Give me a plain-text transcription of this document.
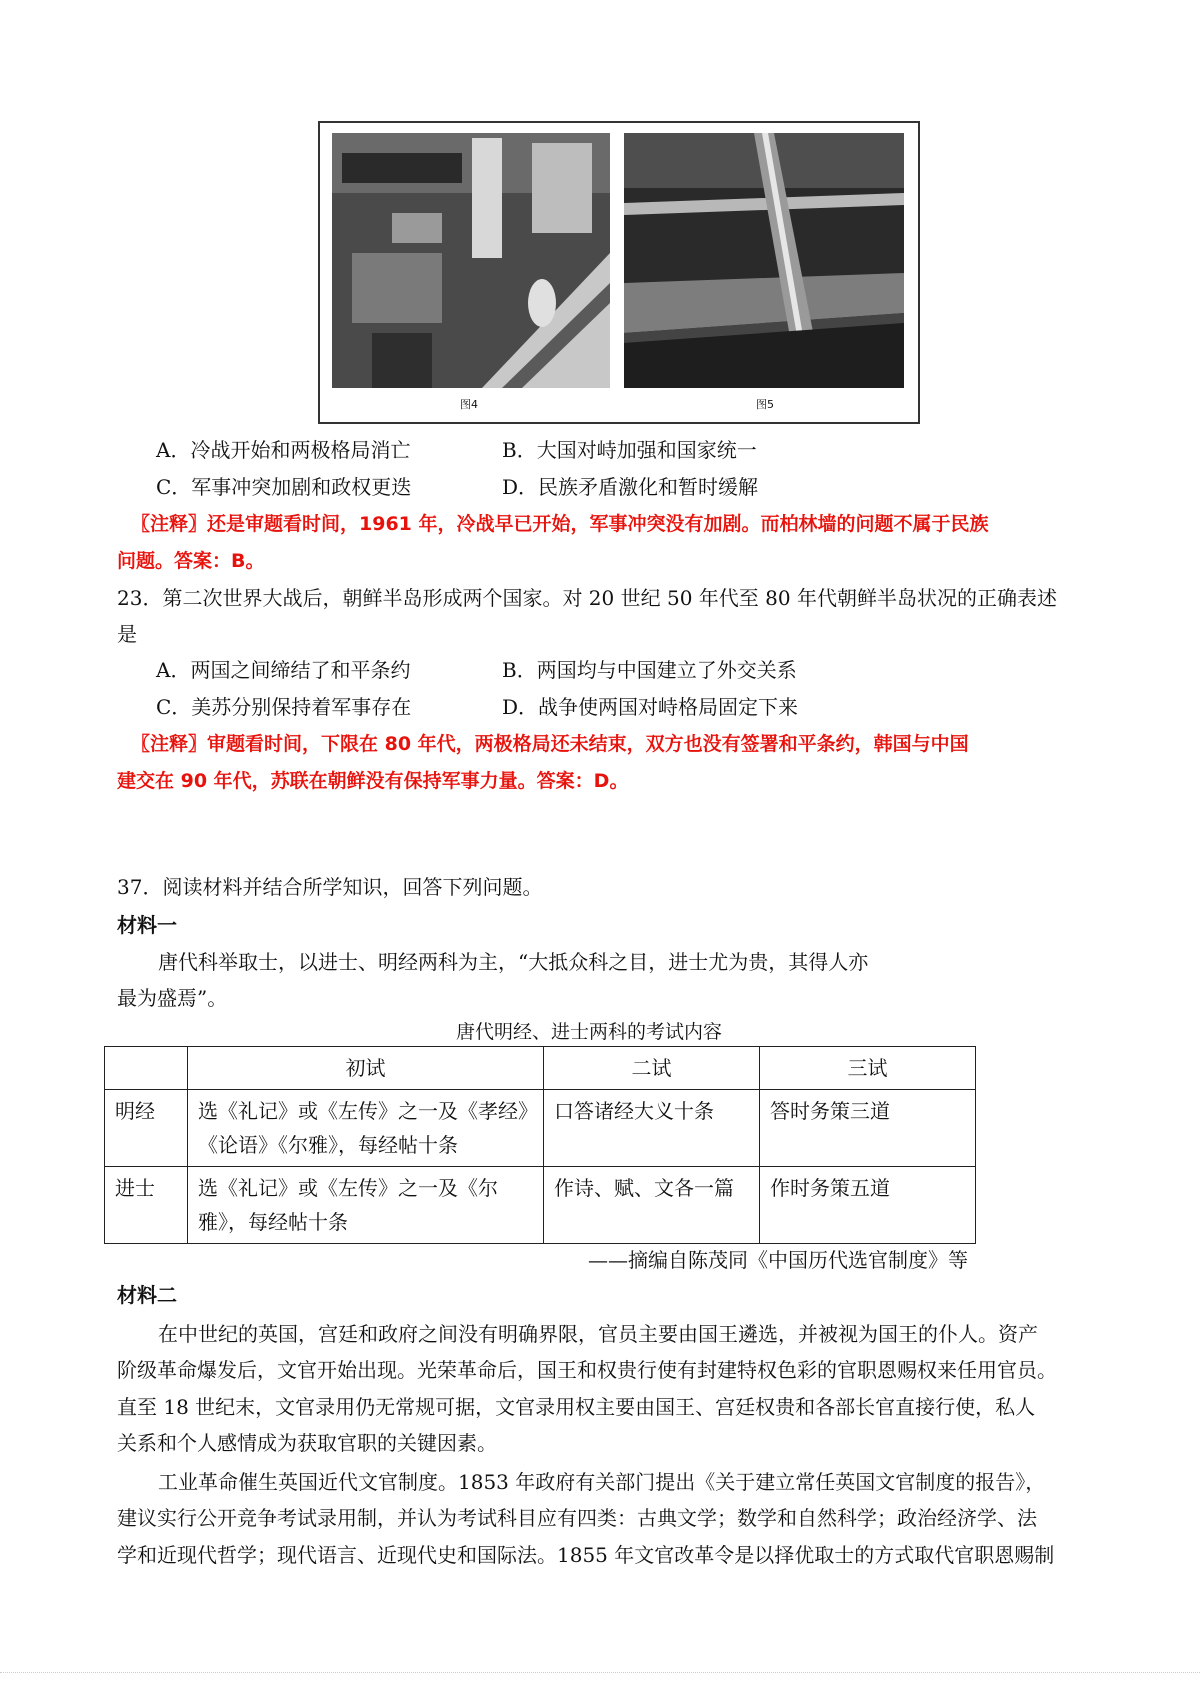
图4	图5
A．冷战开始和两极格局消亡	B．大国对峙加强和国家统一
C．军事冲突加剧和政权更迭	D．民族矛盾激化和暂时缓解
〖注释〗还是审题看时间，1961 年，冷战早已开始，军事冲突没有加剧。而柏林墙的问题不属于民族
问题。答案：B。
23．第二次世界大战后，朝鲜半岛形成两个国家。对 20 世纪 50 年代至 80 年代朝鲜半岛状况的正确表述
是
A．两国之间缔结了和平条约	B．两国均与中国建立了外交关系
C．美苏分别保持着军事存在	D．战争使两国对峙格局固定下来
〖注释〗审题看时间，下限在 80 年代，两极格局还未结束，双方也没有签署和平条约，韩国与中国
建交在 90 年代，苏联在朝鲜没有保持军事力量。答案：D。
37．阅读材料并结合所学知识，回答下列问题。
材料一
唐代科举取士，以进士、明经两科为主，“大抵众科之目，进士尤为贵，其得人亦
最为盛焉”。
唐代明经、进士两科的考试内容
	初试	二试	三试
明经	选《礼记》或《左传》之一及《孝经》《论语》《尔雅》，每经帖十条	口答诸经大义十条	答时务策三道
进士	选《礼记》或《左传》之一及《尔雅》，每经帖十条	作诗、赋、文各一篇	作时务策五道
——摘编自陈茂同《中国历代选官制度》等
材料二
在中世纪的英国，宫廷和政府之间没有明确界限，官员主要由国王遴选，并被视为国王的仆人。资产
阶级革命爆发后，文官开始出现。光荣革命后，国王和权贵行使有封建特权色彩的官职恩赐权来任用官员。
直至 18 世纪末，文官录用仍无常规可据，文官录用权主要由国王、宫廷权贵和各部长官直接行使，私人
关系和个人感情成为获取官职的关键因素。
工业革命催生英国近代文官制度。1853 年政府有关部门提出《关于建立常任英国文官制度的报告》，
建议实行公开竞争考试录用制，并认为考试科目应有四类：古典文学；数学和自然科学；政治经济学、法
学和近现代哲学；现代语言、近现代史和国际法。1855 年文官改革令是以择优取士的方式取代官职恩赐制
